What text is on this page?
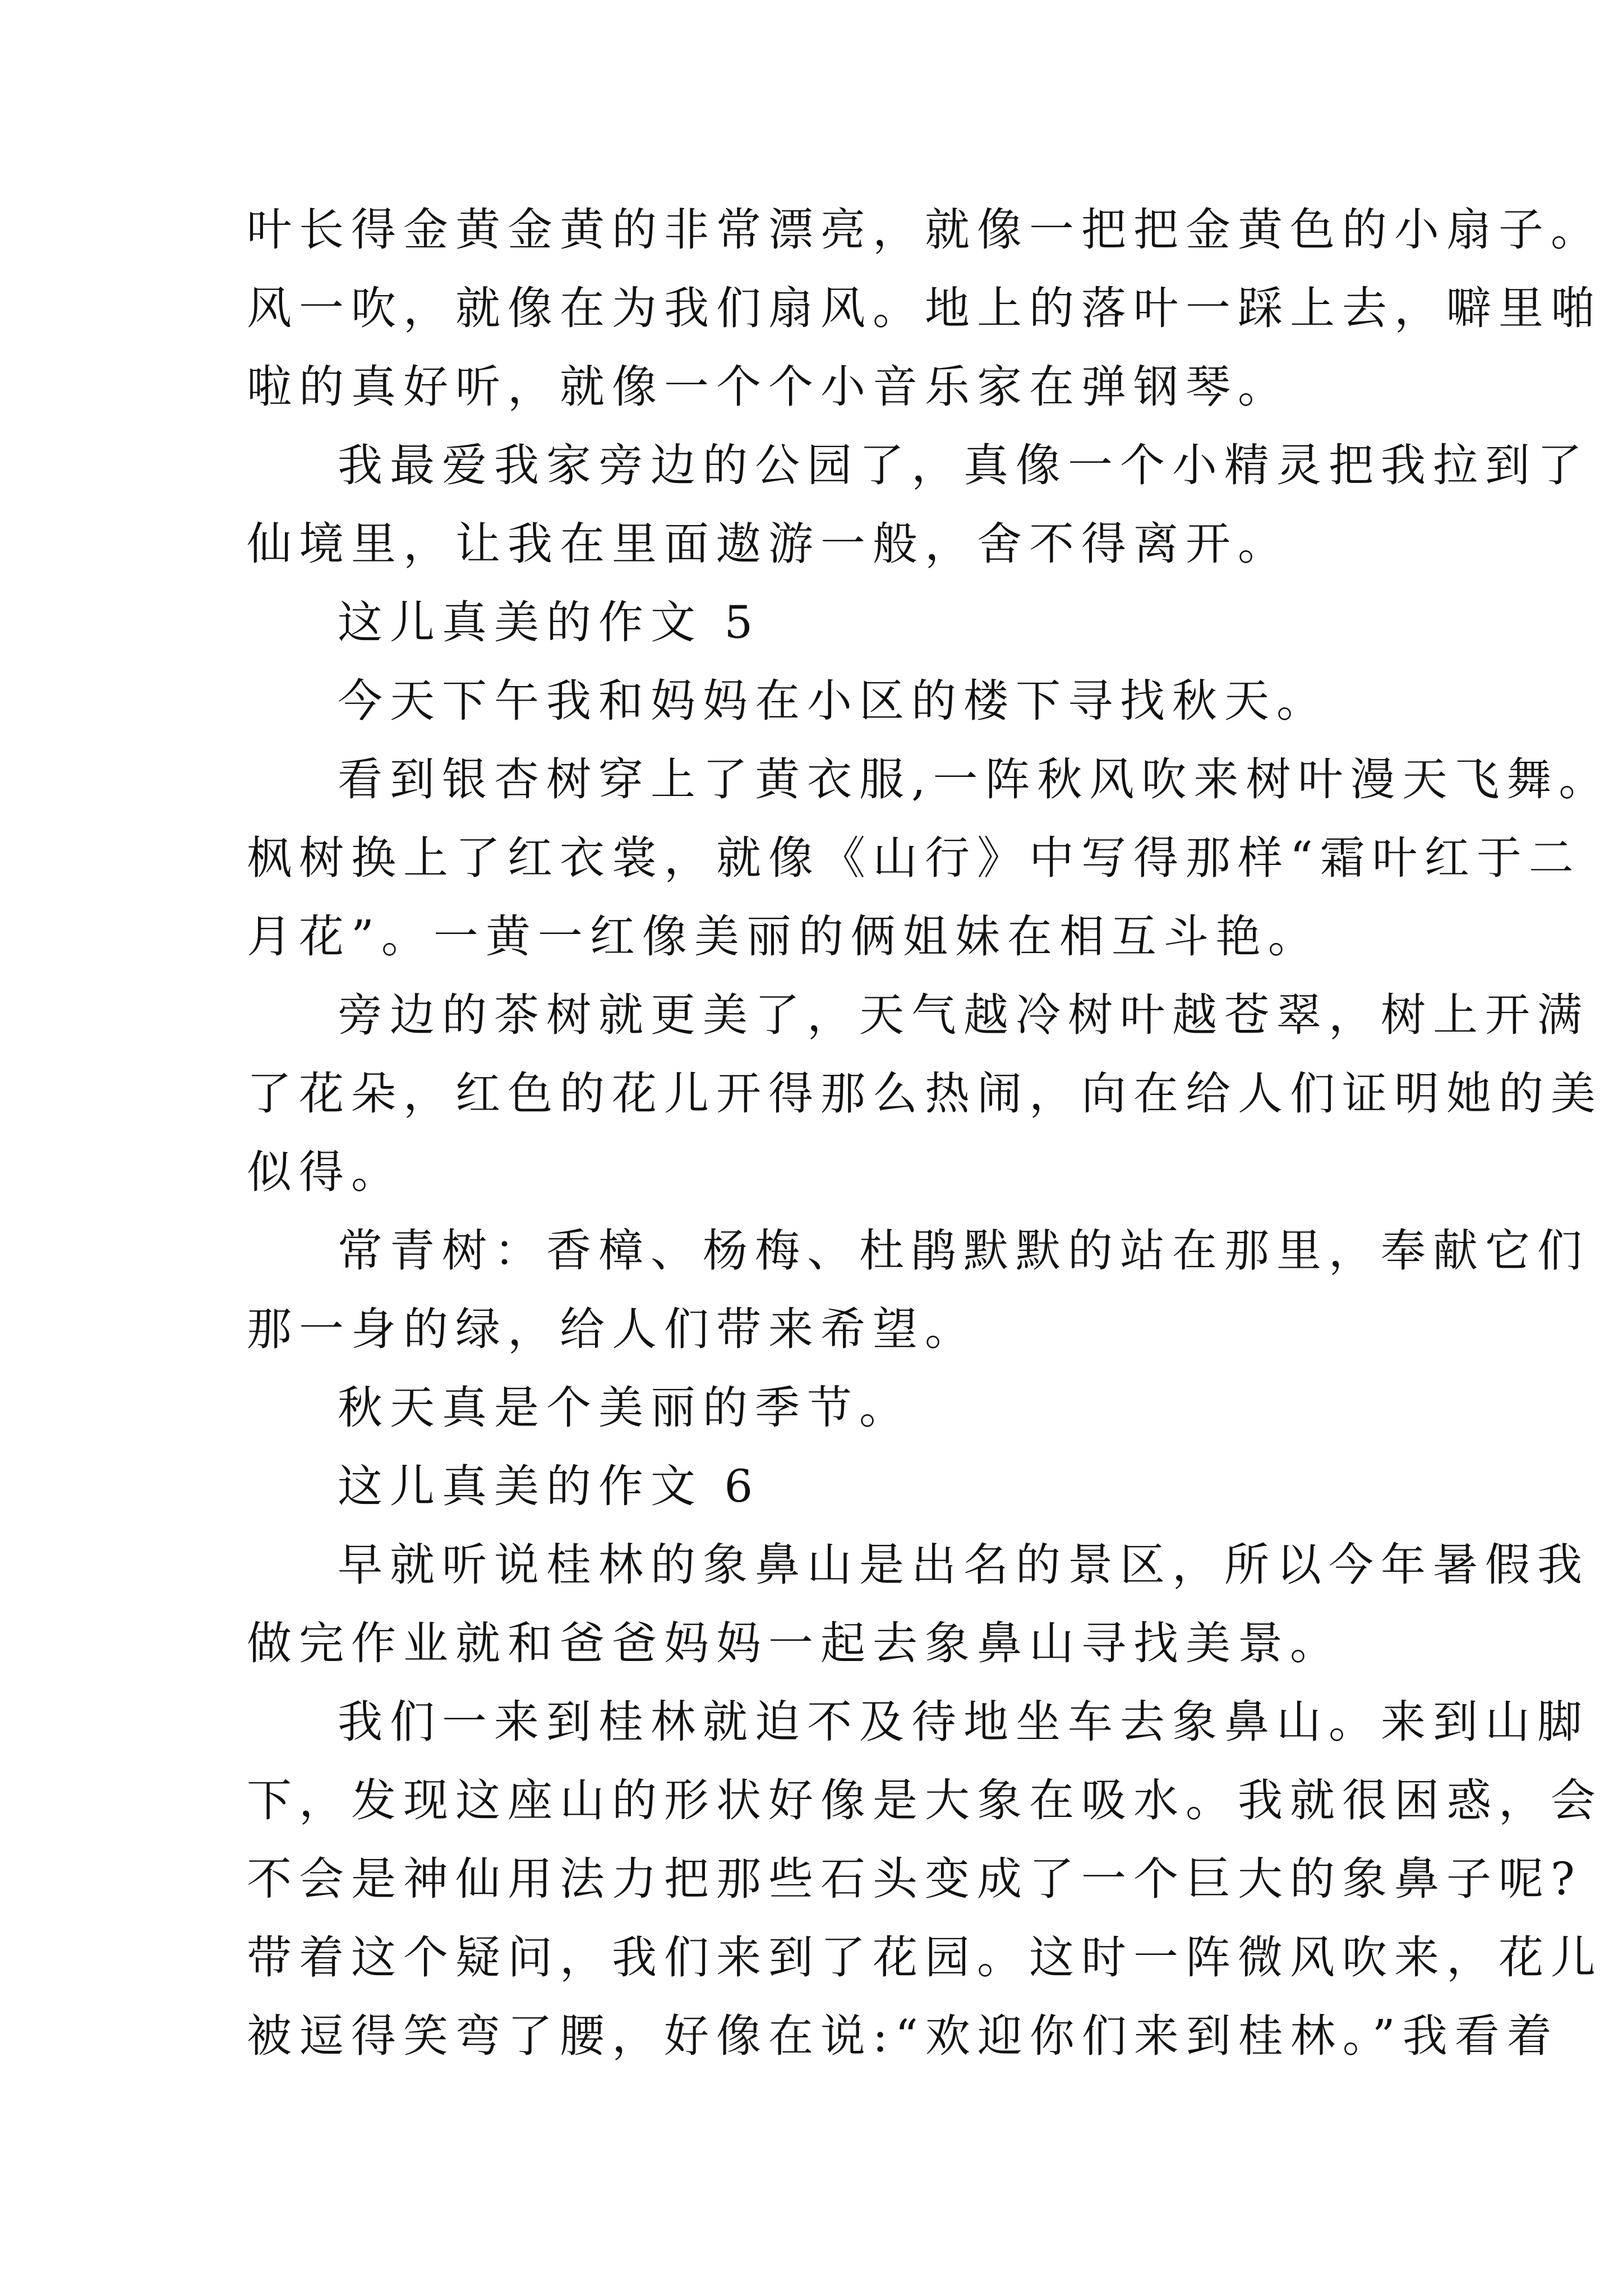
叶长得金黄金黄的非常漂亮，就像一把把金黄色的小扇子。
风一吹，就像在为我们扇风。地上的落叶一踩上去，噼里啪
啦的真好听，就像一个个小音乐家在弹钢琴。
我最爱我家旁边的公园了，真像一个小精灵把我拉到了
仙境里，让我在里面遨游一般，舍不得离开。
这儿真美的作文 5
今天下午我和妈妈在小区的楼下寻找秋天。
看到银杏树穿上了黄衣服,一阵秋风吹来树叶漫天飞舞。
枫树换上了红衣裳，就像《山行》中写得那样“霜叶红于二
月花”。一黄一红像美丽的俩姐妹在相互斗艳。
旁边的茶树就更美了，天气越冷树叶越苍翠，树上开满
了花朵，红色的花儿开得那么热闹，向在给人们证明她的美
似得。
常青树：香樟、杨梅、杜鹃默默的站在那里，奉献它们
那一身的绿，给人们带来希望。
秋天真是个美丽的季节。
这儿真美的作文 6
早就听说桂林的象鼻山是出名的景区，所以今年暑假我
做完作业就和爸爸妈妈一起去象鼻山寻找美景。
我们一来到桂林就迫不及待地坐车去象鼻山。来到山脚
下，发现这座山的形状好像是大象在吸水。我就很困惑，会
不会是神仙用法力把那些石头变成了一个巨大的象鼻子呢?
带着这个疑问，我们来到了花园。这时一阵微风吹来，花儿
被逗得笑弯了腰，好像在说:“欢迎你们来到桂林。”我看着
